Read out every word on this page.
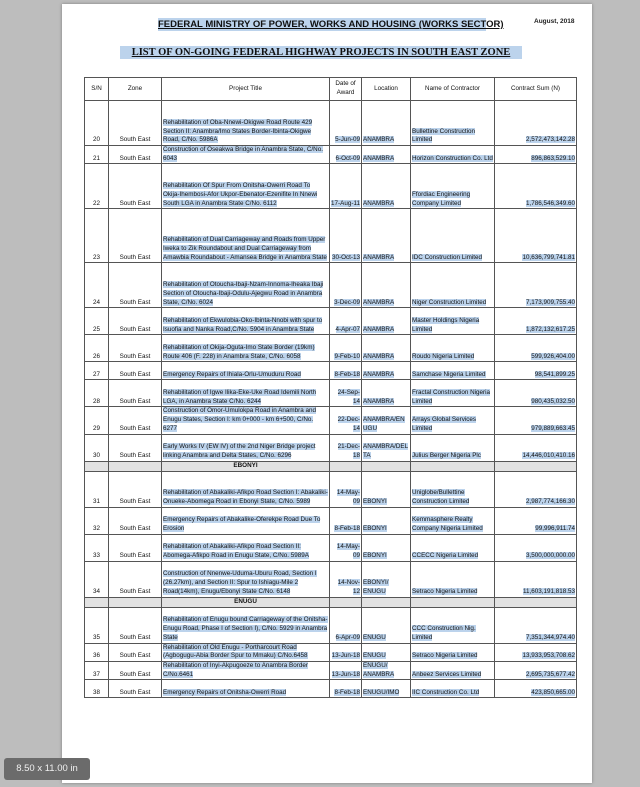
FEDERAL MINISTRY OF POWER, WORKS AND HOUSING (WORKS SECTOR)	August, 2018
LIST OF ON-GOING FEDERAL HIGHWAY PROJECTS IN SOUTH EAST ZONE
S/N	Zone	Project Title	Date of Award	Location	Name of Contractor	Contract Sum (N)
20	South East	Rehabilitation of Oba-Nnewi-Okigwe Road Route 429 Section II: Anambra/Imo States Border-Ibinta-Okigwe Road, C/No. 5986A	5-Jun-09	ANAMBRA	Bullettine Construction Limited	2,572,473,142.28
21	South East	Construction of Oseakwa Bridge in Anambra State, C/No. 6043	6-Oct-09	ANAMBRA	Horizon Construction Co. Ltd	896,863,529.10
22	South East	Rehabilitation Of Spur From Onitsha-Owerri Road To Okija-Ihembosi-Afor Ukpor-Ebenator-Ezenifite In Nnewi South LGA in Anambra State C/No. 6112	17-Aug-11	ANAMBRA	Ffordiac Engineering Company Limited	1,786,546,349.60
23	South East	Rehabilitation of Dual Carriageway and Roads from Upper Iweka to Zik Roundabout and Dual Carriageway from Amawbia Roundabout - Amansea Bridge in Anambra State	30-Oct-13	ANAMBRA	IDC Construction Limited	10,636,799,741.81
24	South East	Rehabilitation of Otoucha-Ibaji-Nzam-Innoma-Iheaka Ibaji Section of Otoucha-Ibaji-Odulu-Ajegwu Road in Anambra State, C/No. 6024	3-Dec-09	ANAMBRA	Niger Construction Limited	7,173,909,755.40
25	South East	Rehabilitation of Ekwulobia-Oko-Ibinta-Nnobi with spur to Isuofia and Nanka Road,C/No. 5904 in Anambra State	4-Apr-07	ANAMBRA	Master Holdings Nigeria Limited	1,872,132,617.25
26	South East	Rehabilitation of Okija-Oguta-Imo State Border (19km) Route 406 (F. 228) in Anambra State, C/No. 6058	9-Feb-10	ANAMBRA	Roudo Nigeria Limited	599,926,404.00
27	South East	Emergency Repairs of Ihiala-Orlu-Umuduru Road	8-Feb-18	ANAMBRA	Samchase Nigeria Limited	98,541,899.25
28	South East	Rehabilitation of Igwe Ilika-Eke-Uke Road Idemili North LGA, in Anambra State C/No. 6244	24-Sep-14	ANAMBRA	Fractal Construction Nigeria Limited	980,435,032.50
29	South East	Construction of Omor-Umulokpa Road in Anambra and Enugu States, Section I: km 0+000 - km 6+500, C/No. 6277	22-Dec-14	ANAMBRA/EN UGU	Arrays Global Services Limited	979,889,663.45
30	South East	Early Works IV (EW IV) of the 2nd Niger Bridge project linking Anambra and Delta States, C/No. 6296	21-Dec-18	ANAMBRA/DEL TA	Julius Berger Nigeria Plc	14,446,010,410.16
		EBONYI				
31	South East	Rehabilitation of Abakaliki-Afikpo Road Section I: Abakaliki-Onueke-Abomega Road in Ebonyi State, C/No. 5989	14-May-09	EBONYI	Uniglobe/Bullettine Construction Limited	2,987,774,166.30
32	South East	Emergency Repairs of Abakalike-Oferekpe Road Due To Erosion	8-Feb-18	EBONYI	Kemmasphere Realty Company Nigeria Limited	99,996,911.74
33	South East	Rehabilitation of Abakaliki-Afikpo Road Section II: Abomega-Afikpo Road in Enugu State, C/No. 5989A	14-May-09	EBONYI	CCECC Nigeria Limited	3,500,000,000.00
34	South East	Construction of Nnenwe-Uduma-Uburu Road, Section I (26.27km), and Section II: Spur to Ishiagu-Mile 2 Road(14km), Enugu/Ebonyi State C/No. 6148	14-Nov-12	EBONYI/ ENUGU	Setraco Nigeria Limited	11,603,191,818.53
		ENUGU				
35	South East	Rehabilitation of Enugu bound Carriageway of the Onitsha-Enugu Road, Phase I of Section I), C/No. 5929 in Anambra State	6-Apr-09	ENUGU	CCC Construction Nig. Limited	7,351,344,974.40
36	South East	Rehabilitation of Old Enugu - Portharcourt Road (Agbogugu-Abia Border Spur to Mmaku) C/No.6458	13-Jun-18	ENUGU	Setraco Nigeria Limited	13,933,953,708.62
37	South East	Rehabilitation of Inyi-Akpugoeze to Anambra Border C/No.6461	13-Jun-18	ENUGU/ ANAMBRA	Anbeez Services Limited	2,695,735,677.42
38	South East	Emergency Repairs of Onitsha-Owerri Road	8-Feb-18	ENUGU/IMO	IIC Construction Co. Ltd	423,850,665.00
8.50 x 11.00 in
